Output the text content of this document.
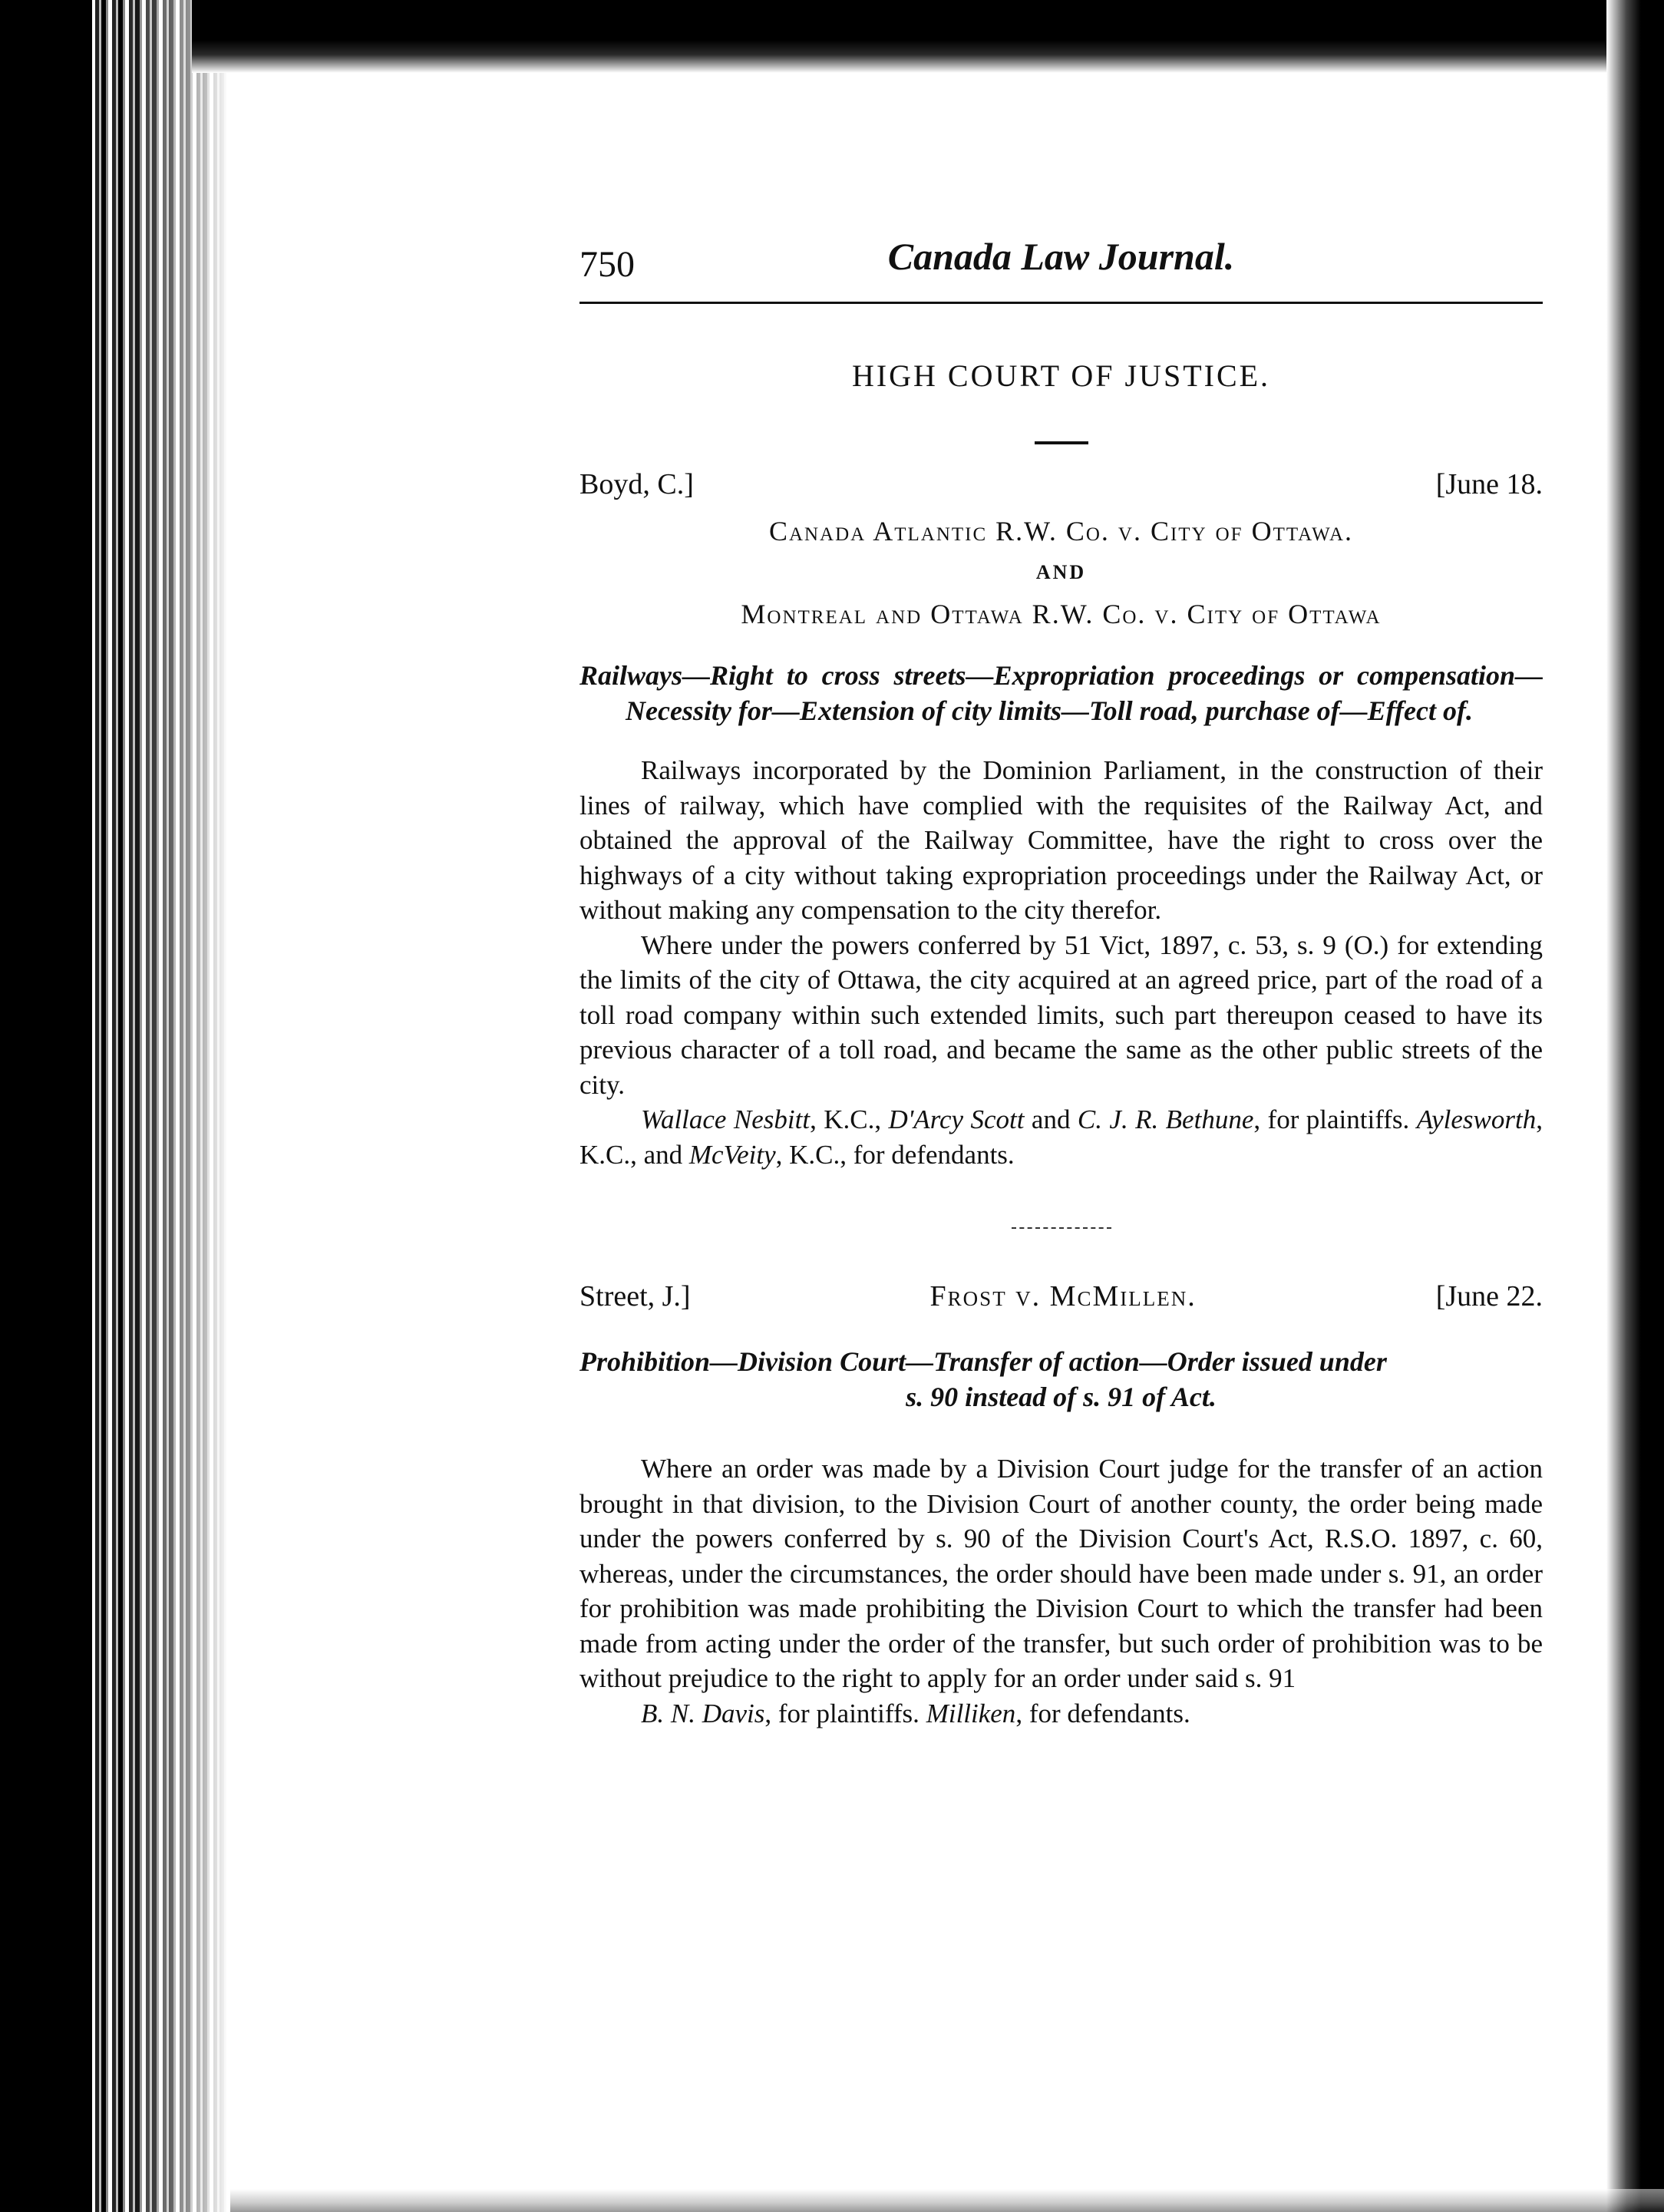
750	Canada Law Journal.
HIGH COURT OF JUSTICE.
Boyd, C.]	[June 18.
Canada Atlantic R.W. Co. v. City of Ottawa.
AND
Montreal and Ottawa R.W. Co. v. City of Ottawa
Railways—Right to cross streets—Expropriation proceedings or compensation—Necessity for—Extension of city limits—Toll road, purchase of—Effect of.

Railways incorporated by the Dominion Parliament, in the construction of their lines of railway, which have complied with the requisites of the Railway Act, and obtained the approval of the Railway Committee, have the right to cross over the highways of a city without taking expropriation proceedings under the Railway Act, or without making any compensation to the city therefor.

Where under the powers conferred by 51 Vict, 1897, c. 53, s. 9 (O.) for extending the limits of the city of Ottawa, the city acquired at an agreed price, part of the road of a toll road company within such extended limits, such part thereupon ceased to have its previous character of a toll road, and became the same as the other public streets of the city.

Wallace Nesbitt, K.C., D'Arcy Scott and C. J. R. Bethune, for plaintiffs. Aylesworth, K.C., and McVeity, K.C., for defendants.

Street, J.]	Frost v. McMillen.	[June 22.
Prohibition—Division Court—Transfer of action—Order issued under
s. 90 instead of s. 91 of Act.

Where an order was made by a Division Court judge for the transfer of an action brought in that division, to the Division Court of another county, the order being made under the powers conferred by s. 90 of the Division Court's Act, R.S.O. 1897, c. 60, whereas, under the circumstances, the order should have been made under s. 91, an order for prohibition was made prohibiting the Division Court to which the transfer had been made from acting under the order of the transfer, but such order of prohibition was to be without prejudice to the right to apply for an order under said s. 91

B. N. Davis, for plaintiffs. Milliken, for defendants.
